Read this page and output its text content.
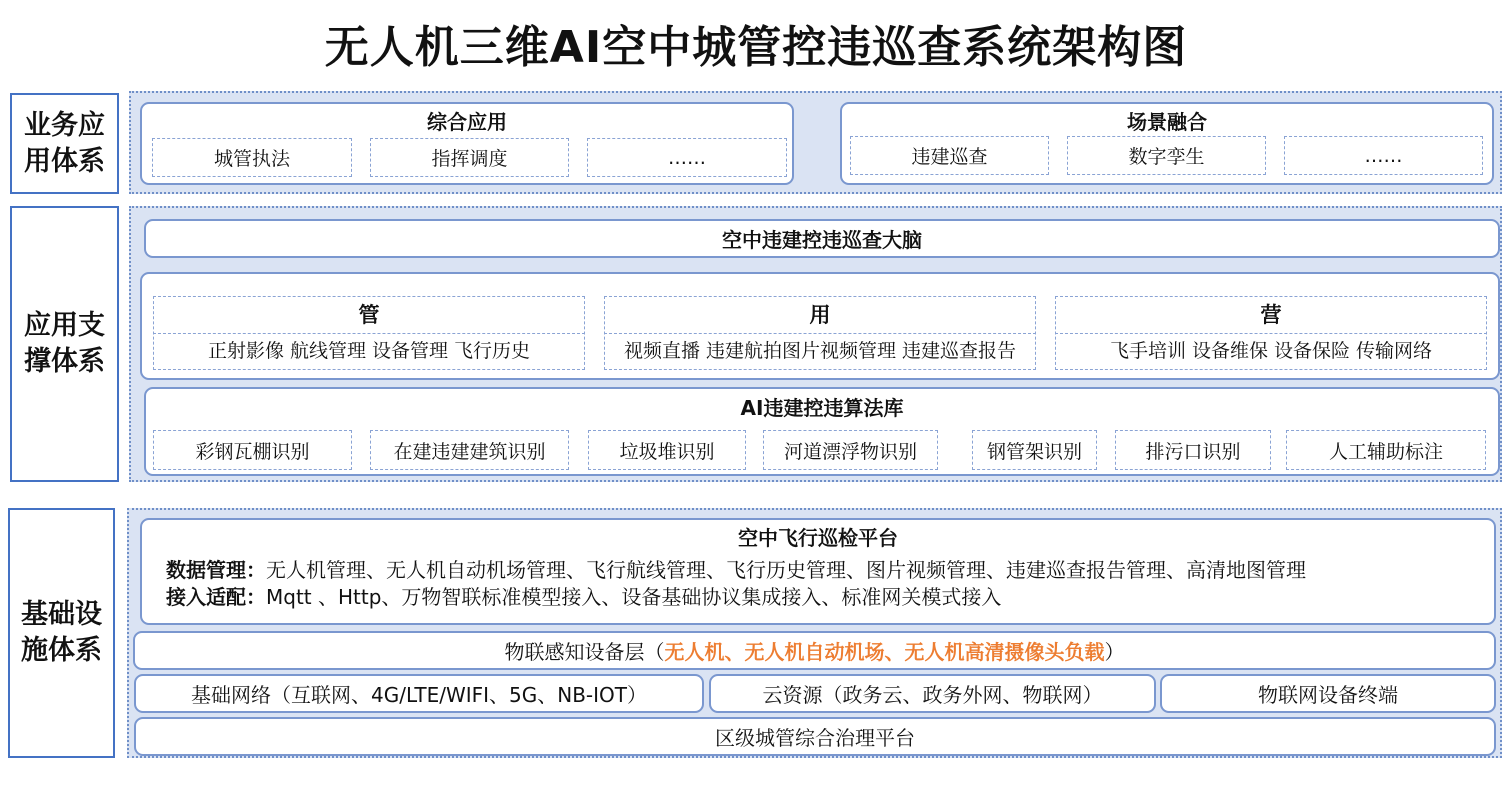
无人机三维AI空中城管控违巡查系统架构图
业务应
用体系
综合应用
城管执法	指挥调度	……
场景融合
违建巡查	数字孪生	……
应用支
撑体系
空中违建控违巡查大脑
管
正射影像 航线管理 设备管理 飞行历史
用
视频直播 违建航拍图片视频管理 违建巡查报告
营
飞手培训 设备维保 设备保险 传输网络
AI违建控违算法库
彩钢瓦棚识别	在建违建建筑识别	垃圾堆识别	河道漂浮物识别	钢管架识别	排污口识别	人工辅助标注
基础设
施体系
空中飞行巡检平台
数据管理：无人机管理、无人机自动机场管理、飞行航线管理、飞行历史管理、图片视频管理、违建巡查报告管理、高清地图管理
接入适配：Mqtt 、Http、万物智联标准模型接入、设备基础协议集成接入、标准网关模式接入
物联感知设备层（ 无人机、无人机自动机场、无人机高清摄像头负载 ）
基础网络（互联网、4G/LTE/WIFI、5G、NB-IOT）	云资源（政务云、政务外网、物联网）	物联网设备终端
区级城管综合治理平台
